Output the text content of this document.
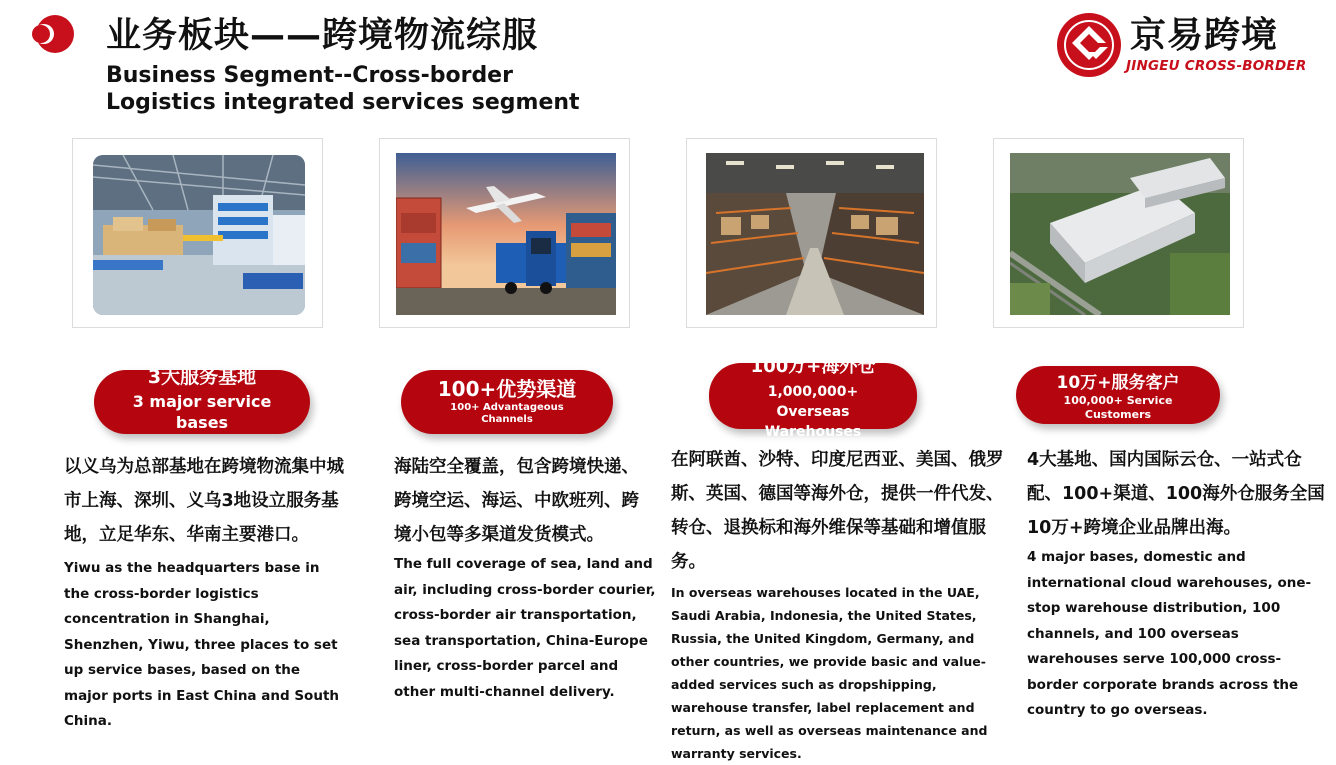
业务板块——跨境物流综服
Business Segment--Cross-border Logistics integrated services segment
京易跨境
JINGEU CROSS-BORDER
3大服务基地
3 major service bases
100+优势渠道
100+ Advantageous Channels
100万+海外仓
1,000,000+
Overseas
Warehouses
10万+服务客户
100,000+ Service Customers
以义乌为总部基地在跨境物流集中城市上海、深圳、义乌3地设立服务基地，立足华东、华南主要港口。
Yiwu as the headquarters base in the cross-border logistics concentration in Shanghai, Shenzhen, Yiwu, three places to set up service bases, based on the major ports in East China and South China.
海陆空全覆盖，包含跨境快递、跨境空运、海运、中欧班列、跨境小包等多渠道发货模式。
The full coverage of sea, land and air, including cross-border courier, cross-border air transportation, sea transportation, China-Europe liner, cross-border parcel and other multi-channel delivery.
在阿联酋、沙特、印度尼西亚、美国、俄罗斯、英国、德国等海外仓，提供一件代发、转仓、退换标和海外维保等基础和增值服务。
In overseas warehouses located in the UAE, Saudi Arabia, Indonesia, the United States, Russia, the United Kingdom, Germany, and other countries, we provide basic and value-added services such as dropshipping, warehouse transfer, label replacement and return, as well as overseas maintenance and warranty services.
4大基地、国内国际云仓、一站式仓配、100+渠道、100海外仓服务全国10万+跨境企业品牌出海。
4 major bases, domestic and international cloud warehouses, one-stop warehouse distribution, 100 channels, and 100 overseas warehouses serve 100,000 cross-border corporate brands across the country to go overseas.
